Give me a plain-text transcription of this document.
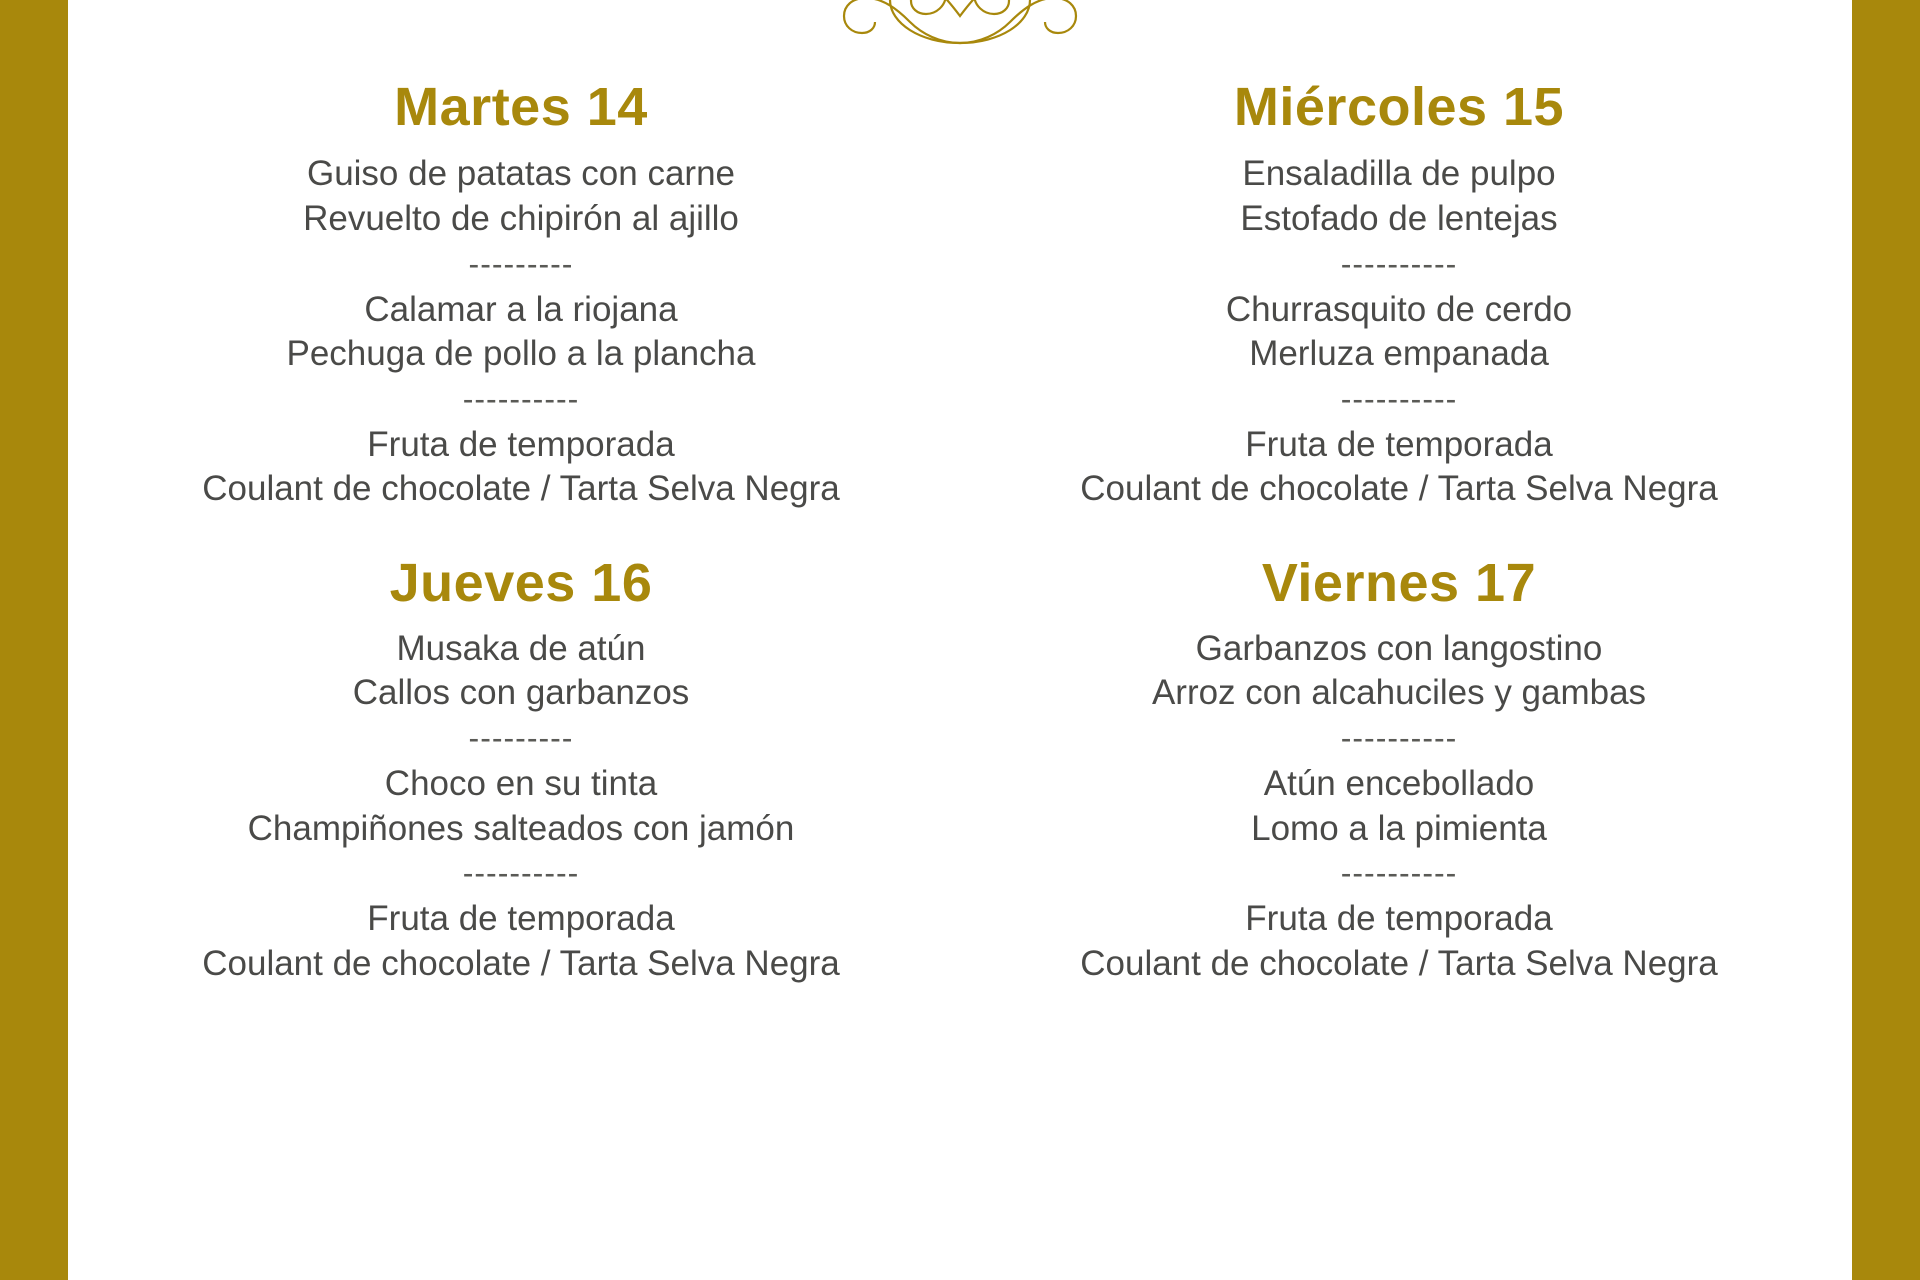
Martes 14
Guiso de patatas con carne
Revuelto de chipirón al ajillo
---------
Calamar a la riojana
Pechuga de pollo a la plancha
----------
Fruta de temporada
Coulant de chocolate / Tarta Selva Negra
Miércoles 15
Ensaladilla de pulpo
Estofado de lentejas
----------
Churrasquito de cerdo
Merluza empanada
----------
Fruta de temporada
Coulant de chocolate / Tarta Selva Negra
Jueves 16
Musaka de atún
Callos con garbanzos
---------
Choco en su tinta
Champiñones salteados con jamón
----------
Fruta de temporada
Coulant de chocolate / Tarta Selva Negra
Viernes 17
Garbanzos con langostino
Arroz con alcahuciles y gambas
----------
Atún encebollado
Lomo a la pimienta
----------
Fruta de temporada
Coulant de chocolate / Tarta Selva Negra
